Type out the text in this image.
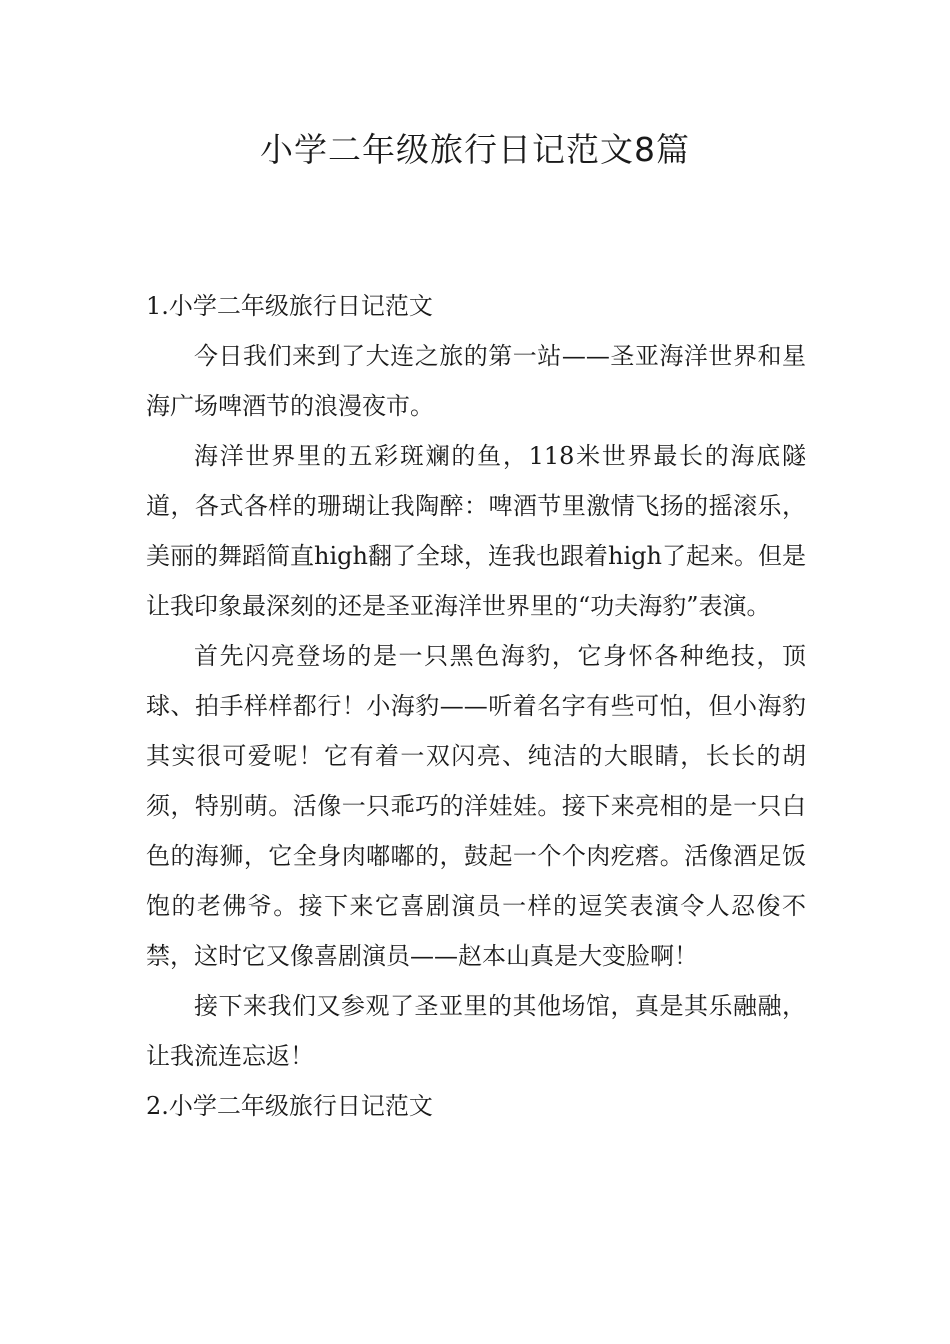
小学二年级旅行日记范文8篇
1.小学二年级旅行日记范文

今日我们来到了大连之旅的第一站——圣亚海洋世界和星海广场啤酒节的浪漫夜市。

海洋世界里的五彩斑斓的鱼，118米世界最长的海底隧道，各式各样的珊瑚让我陶醉：啤酒节里激情飞扬的摇滚乐，美丽的舞蹈简直high翻了全球，连我也跟着high了起来。但是让我印象最深刻的还是圣亚海洋世界里的“功夫海豹”表演。

首先闪亮登场的是一只黑色海豹，它身怀各种绝技，顶球、拍手样样都行！小海豹——听着名字有些可怕，但小海豹其实很可爱呢！它有着一双闪亮、纯洁的大眼睛，长长的胡须，特别萌。活像一只乖巧的洋娃娃。接下来亮相的是一只白色的海狮，它全身肉嘟嘟的，鼓起一个个肉疙瘩。活像酒足饭饱的老佛爷。接下来它喜剧演员一样的逗笑表演令人忍俊不禁，这时它又像喜剧演员——赵本山真是大变脸啊！

接下来我们又参观了圣亚里的其他场馆，真是其乐融融，让我流连忘返！

2.小学二年级旅行日记范文
